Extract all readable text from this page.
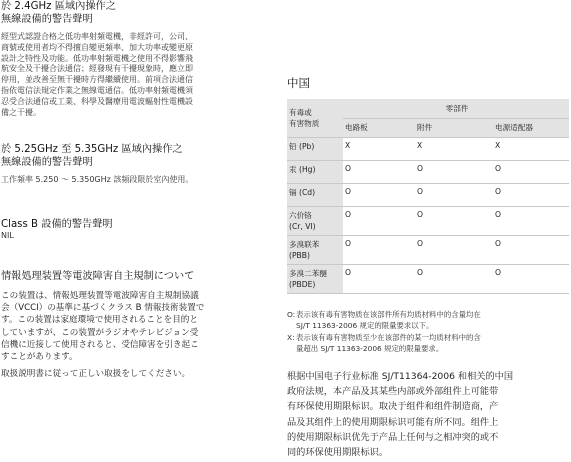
於 2.4GHz 區域內操作之

無線設備的警告聲明

經型式認證合格之低功率射頻電機，非經許可，公司、

商號或使用者均不得擅自變更頻率、加大功率或變更原

設計之特性及功能。低功率射頻電機之使用不得影響飛

航安全及干擾合法通信；經發現有干擾現象時，應立即

停用，並改善至無干擾時方得繼續使用。前項合法通信

指依電信法規定作業之無線電通信。低功率射頻電機須

忍受合法通信或工業、科學及醫療用電波輻射性電機設

備之干擾。

於 5.25GHz 至 5.35GHz 區域內操作之

無線設備的警告聲明

工作頻率 5.250 ～ 5.350GHz 該頻段限於室內使用。

Class B 設備的警告聲明

NIL

情報処理装置等電波障害自主規制について

この装置は、情報処理装置等電波障害自主規制協議

会（VCCI）の基準に基づくクラス B 情報技術装置で

す。この装置は家庭環境で使用されることを目的と

していますが、この装置がラジオやテレビジョン受

信機に近接して使用されると、受信障害を引き起こ

すことがあります。

取扱説明書に従って正しい取扱をしてください。

中国
有毒或
有害物质	零部件		
	电路板	附件	电源适配器
铅 (Pb)	X	X	X
汞 (Hg)	O	O	O
镉 (Cd)	O	O	O
六价铬
(Cr, VI)	O	O	O
多溴联苯
(PBB)	O	O	O
多溴二苯醚
(PBDE)	O	O	O
O: 表示该有毒有害物质在该部件所有均质材料中的含量均在
SJ/T 11363-2006 规定的限量要求以下。
X: 表示该有毒有害物质至少在该部件的某一均质材料中的含
量超出 SJ/T 11363-2006 规定的限量要求。
根据中国电子行业标准 SJ/T11364-2006 和相关的中国
政府法规，本产品及其某些内部或外部组件上可能带
有环保使用期限标识。取决于组件和组件制造商，产
品及其组件上的使用期限标识可能有所不同。组件上
的使用期限标识优先于产品上任何与之相冲突的或不
同的环保使用期限标识。
